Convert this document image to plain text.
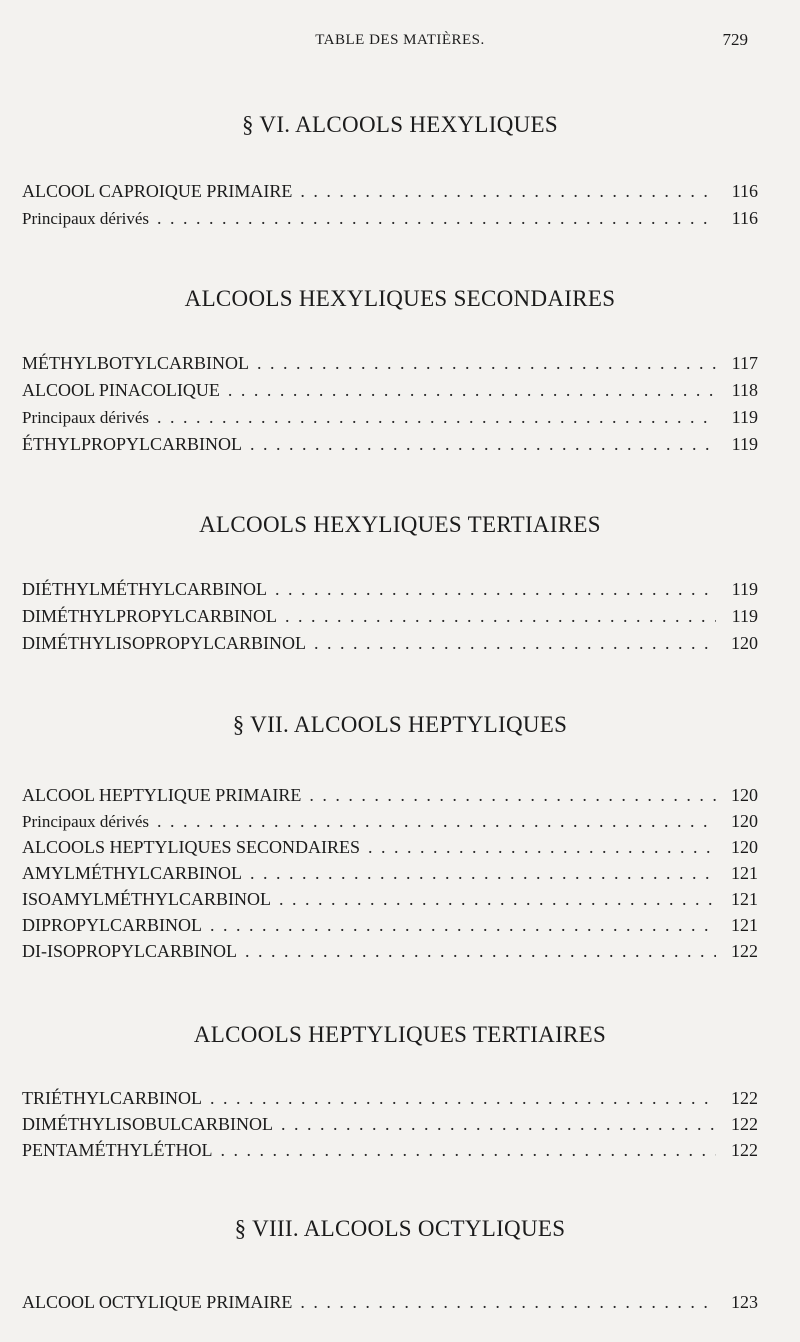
TABLE DES MATIÈRES.	729
§ VI. ALCOOLS HEXYLIQUES
ALCOOL CAPROIQUE PRIMAIRE . . .	116
Principaux dérivés . . .	116
ALCOOLS HEXYLIQUES SECONDAIRES
MÉTHYLBOTYLCARBINOL . . .	117
ALCOOL PINACOLIQUE . . .	118
Principaux dérivés . . .	119
ÉTHYLPROPYLCARBINOL . . .	119
ALCOOLS HEXYLIQUES TERTIAIRES
DIÉTHYLMÉTHYLCARBINOL . . .	119
DIMÉTHYLPROPYLCARBINOL . . .	119
DIMÉTHYLISOPROPYLCARBINOL . . .	120
§ VII. ALCOOLS HEPTYLIQUES
ALCOOL HEPTYLIQUE PRIMAIRE . . .	120
Principaux dérivés . . .	120
ALCOOLS HEPTYLIQUES SECONDAIRES . . .	120
AMYLMÉTHYLCARBINOL . . .	121
ISOAMYLMÉTHYLCARBINOL . . .	121
DIPROPYLCARBINOL . . .	121
DI-ISOPROPYLCARBINOL . . .	122
ALCOOLS HEPTYLIQUES TERTIAIRES
TRIÉTHYLCARBINOL . . .	122
DIMÉTHYLISOBULCARBINOL . . .	122
PENTAMÉTHYLÉTHOL . . .	122
§ VIII. ALCOOLS OCTYLIQUES
ALCOOL OCTYLIQUE PRIMAIRE . . .	123
